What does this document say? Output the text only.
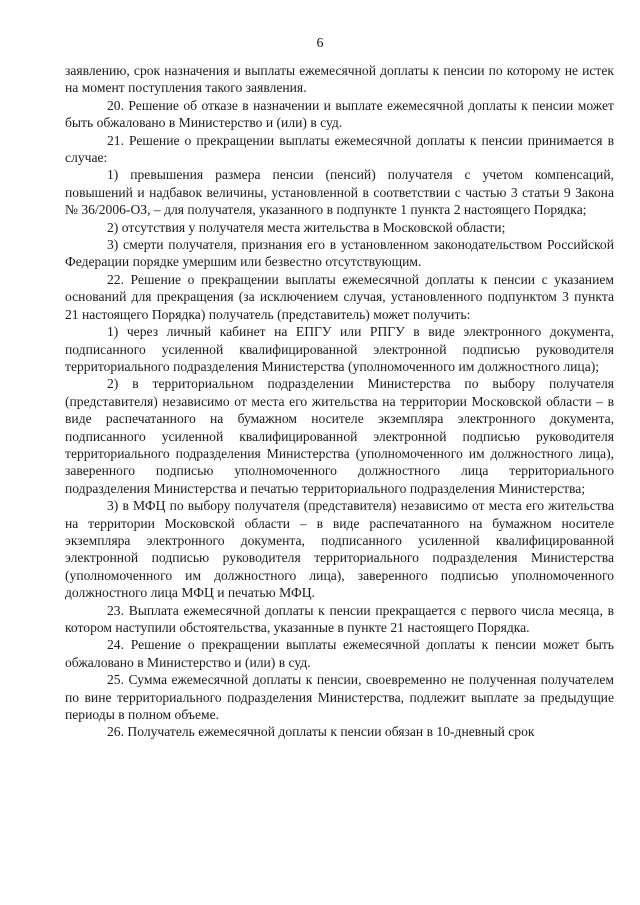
6

заявлению, срок назначения и выплаты ежемесячной доплаты к пенсии по которому не истек на момент поступления такого заявления.

20. Решение об отказе в назначении и выплате ежемесячной доплаты к пенсии может быть обжаловано в Министерство и (или) в суд.

21. Решение о прекращении выплаты ежемесячной доплаты к пенсии принимается в случае:

1) превышения размера пенсии (пенсий) получателя с учетом компенсаций, повышений и надбавок величины, установленной в соответствии с частью 3 статьи 9 Закона № 36/2006-ОЗ, – для получателя, указанного в подпункте 1 пункта 2 настоящего Порядка;

2) отсутствия у получателя места жительства в Московской области;

3) смерти получателя, признания его в установленном законодательством Российской Федерации порядке умершим или безвестно отсутствующим.

22. Решение о прекращении выплаты ежемесячной доплаты к пенсии с указанием оснований для прекращения (за исключением случая, установленного подпунктом 3 пункта 21 настоящего Порядка) получатель (представитель) может получить:

1) через личный кабинет на ЕПГУ или РПГУ в виде электронного документа, подписанного усиленной квалифицированной электронной подписью руководителя территориального подразделения Министерства (уполномоченного им должностного лица);

2) в территориальном подразделении Министерства по выбору получателя (представителя) независимо от места его жительства на территории Московской области – в виде распечатанного на бумажном носителе экземпляра электронного документа, подписанного усиленной квалифицированной электронной подписью руководителя территориального подразделения Министерства (уполномоченного им должностного лица), заверенного подписью уполномоченного должностного лица территориального подразделения Министерства и печатью территориального подразделения Министерства;

3) в МФЦ по выбору получателя (представителя) независимо от места его жительства на территории Московской области – в виде распечатанного на бумажном носителе экземпляра электронного документа, подписанного усиленной квалифицированной электронной подписью руководителя территориального подразделения Министерства (уполномоченного им должностного лица), заверенного подписью уполномоченного должностного лица МФЦ и печатью МФЦ.

23. Выплата ежемесячной доплаты к пенсии прекращается с первого числа месяца, в котором наступили обстоятельства, указанные в пункте 21 настоящего Порядка.

24. Решение о прекращении выплаты ежемесячной доплаты к пенсии может быть обжаловано в Министерство и (или) в суд.

25. Сумма ежемесячной доплаты к пенсии, своевременно не полученная получателем по вине территориального подразделения Министерства, подлежит выплате за предыдущие периоды в полном объеме.

26. Получатель ежемесячной доплаты к пенсии обязан в 10-дневный срок
